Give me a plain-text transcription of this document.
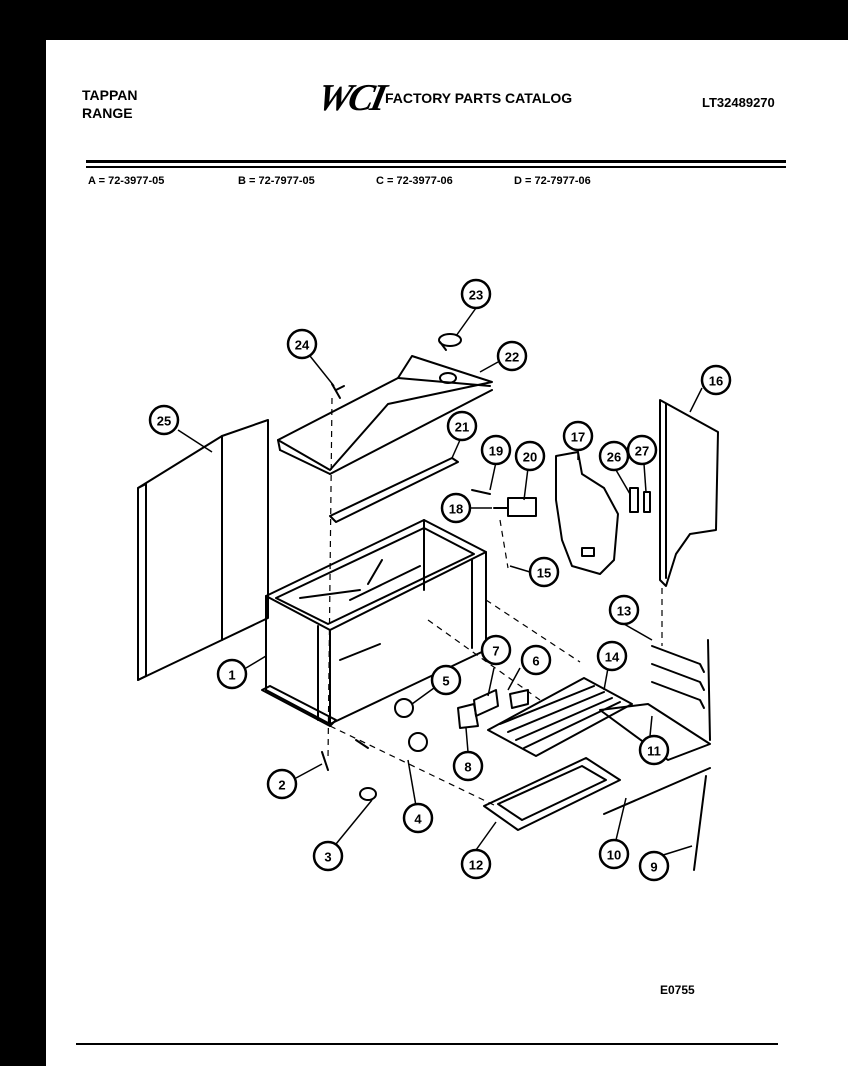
TAPPAN
RANGE	WCI
FACTORY PARTS CATALOG	LT32489270
A = 72-3977-05	B = 72-7977-05	C = 72-3977-06	D = 72-7977-06
1
2
3
4
5
6
7
8
9
10
11
12
13
14
15
16
17
18
19 20
21
22
23
24
25
26 27
E0755
